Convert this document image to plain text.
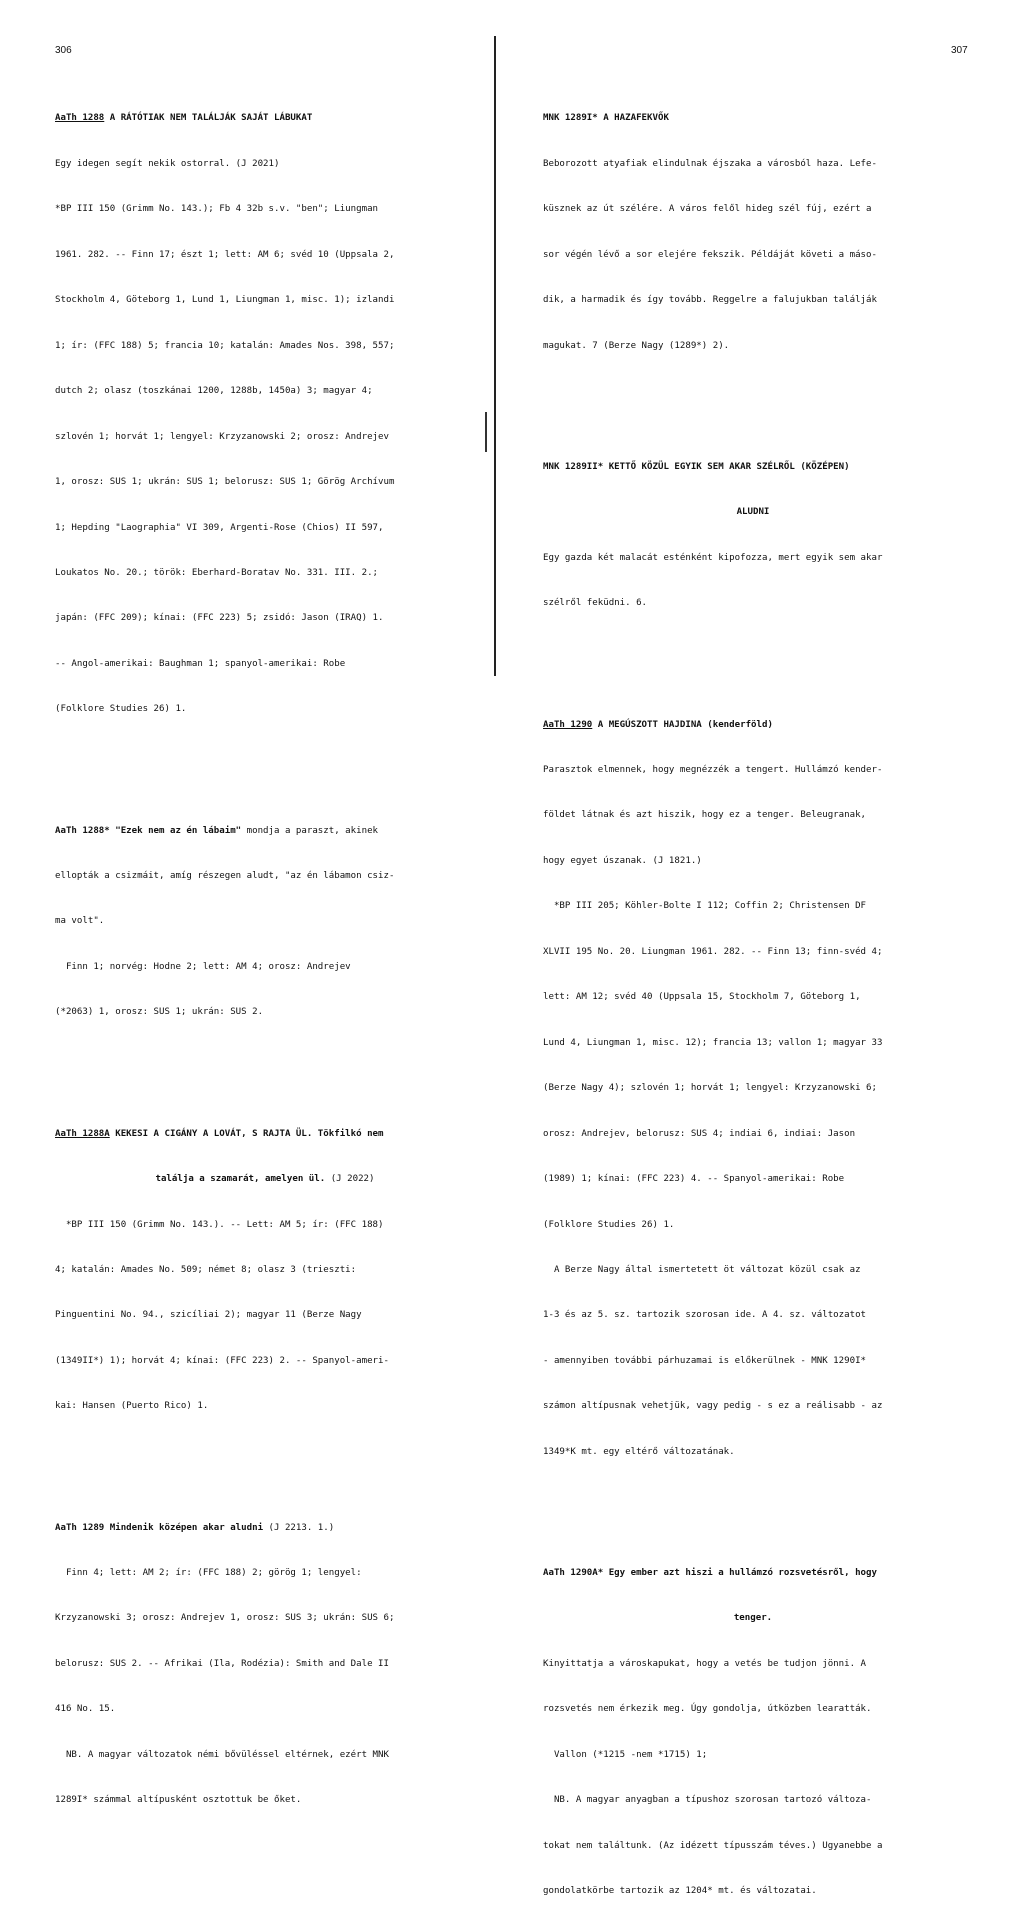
306

AaTh 1288 A RÁTÓTIAK NEM TALÁLJÁK SAJÁT LÁBUKAT

Egy idegen segít nekik ostorral. (J 2021)

*BP III 150 (Grimm No. 143.); Fb 4 32b s.v. "ben"; Liungman

1961. 282. -- Finn 17; észt 1; lett: AM 6; svéd 10 (Uppsala 2,

Stockholm 4, Göteborg 1, Lund 1, Liungman 1, misc. 1); izlandi

1; ír: (FFC 188) 5; francia 10; katalán: Amades Nos. 398, 557;

dutch 2; olasz (toszkánai 1200, 1288b, 1450a) 3; magyar 4;

szlovén 1; horvát 1; lengyel: Krzyzanowski 2; orosz: Andrejev

1, orosz: SUS 1; ukrán: SUS 1; belorusz: SUS 1; Görög Archívum

1; Hepding "Laographia" VI 309, Argenti-Rose (Chios) II 597,

Loukatos No. 20.; török: Eberhard-Boratav No. 331. III. 2.;

japán: (FFC 209); kínai: (FFC 223) 5; zsidó: Jason (IRAQ) 1.

-- Angol-amerikai: Baughman 1; spanyol-amerikai: Robe

(Folklore Studies 26) 1.

AaTh 1288* "Ezek nem az én lábaim" mondja a paraszt, akinek

ellopták a csizmáit, amíg részegen aludt, "az én lábamon csiz-

ma volt".

Finn 1; norvég: Hodne 2; lett: AM 4; orosz: Andrejev

(*2063) 1, orosz: SUS 1; ukrán: SUS 2.

AaTh 1288A KEKESI A CIGÁNY A LOVÁT, S RAJTA ÜL. Tökfilkó nem

találja a szamarát, amelyen ül. (J 2022)

*BP III 150 (Grimm No. 143.). -- Lett: AM 5; ír: (FFC 188)

4; katalán: Amades No. 509; német 8; olasz 3 (trieszti:

Pinguentini No. 94., szicíliai 2); magyar 11 (Berze Nagy

(1349II*) 1); horvát 4; kínai: (FFC 223) 2. -- Spanyol-ameri-

kai: Hansen (Puerto Rico) 1.

AaTh 1289 Mindenik középen akar aludni (J 2213. 1.)

Finn 4; lett: AM 2; ír: (FFC 188) 2; görög 1; lengyel:

Krzyzanowski 3; orosz: Andrejev 1, orosz: SUS 3; ukrán: SUS 6;

belorusz: SUS 2. -- Afrikai (Ila, Rodézia): Smith and Dale II

416 No. 15.

NB. A magyar változatok némi bővüléssel eltérnek, ezért MNK

1289I* számmal altípusként osztottuk be őket.

307

MNK 1289I* A HAZAFEKVŐK

Beborozott atyafiak elindulnak éjszaka a városból haza. Lefe-

küsznek az út szélére. A város felől hideg szél fúj, ezért a

sor végén lévő a sor elejére fekszik. Példáját követi a máso-

dik, a harmadik és így tovább. Reggelre a falujukban találják

magukat. 7 (Berze Nagy (1289*) 2).

MNK 1289II* KETTŐ KÖZÜL EGYIK SEM AKAR SZÉLRŐL (KÖZÉPEN)

ALUDNI

Egy gazda két malacát esténként kipofozza, mert egyik sem akar

szélről feküdni. 6.

AaTh 1290 A MEGÚSZOTT HAJDINA (kenderföld)

Parasztok elmennek, hogy megnézzék a tengert. Hullámzó kender-

földet látnak és azt hiszik, hogy ez a tenger. Beleugranak,

hogy egyet úszanak. (J 1821.)

*BP III 205; Köhler-Bolte I 112; Coffin 2; Christensen DF

XLVII 195 No. 20. Liungman 1961. 282. -- Finn 13; finn-svéd 4;

lett: AM 12; svéd 40 (Uppsala 15, Stockholm 7, Göteborg 1,

Lund 4, Liungman 1, misc. 12); francia 13; vallon 1; magyar 33

(Berze Nagy 4); szlovén 1; horvát 1; lengyel: Krzyzanowski 6;

orosz: Andrejev, belorusz: SUS 4; indiai 6, indiai: Jason

(1989) 1; kínai: (FFC 223) 4. -- Spanyol-amerikai: Robe

(Folklore Studies 26) 1.

A Berze Nagy által ismertetett öt változat közül csak az

1-3 és az 5. sz. tartozik szorosan ide. A 4. sz. változatot

- amennyiben további párhuzamai is előkerülnek - MNK 1290I*

számon altípusnak vehetjük, vagy pedig - s ez a reálisabb - az

1349*K mt. egy eltérő változatának.

AaTh 1290A* Egy ember azt hiszi a hullámzó rozsvetésről, hogy

tenger.

Kinyittatja a városkapukat, hogy a vetés be tudjon jönni. A

rozsvetés nem érkezik meg. Úgy gondolja, útközben learatták.

Vallon (*1215 -nem *1715) 1;

NB. A magyar anyagban a típushoz szorosan tartozó változa-

tokat nem találtunk. (Az idézett típusszám téves.) Ugyanebbe a

gondolatkörbe tartozik az 1204* mt. és változatai.
